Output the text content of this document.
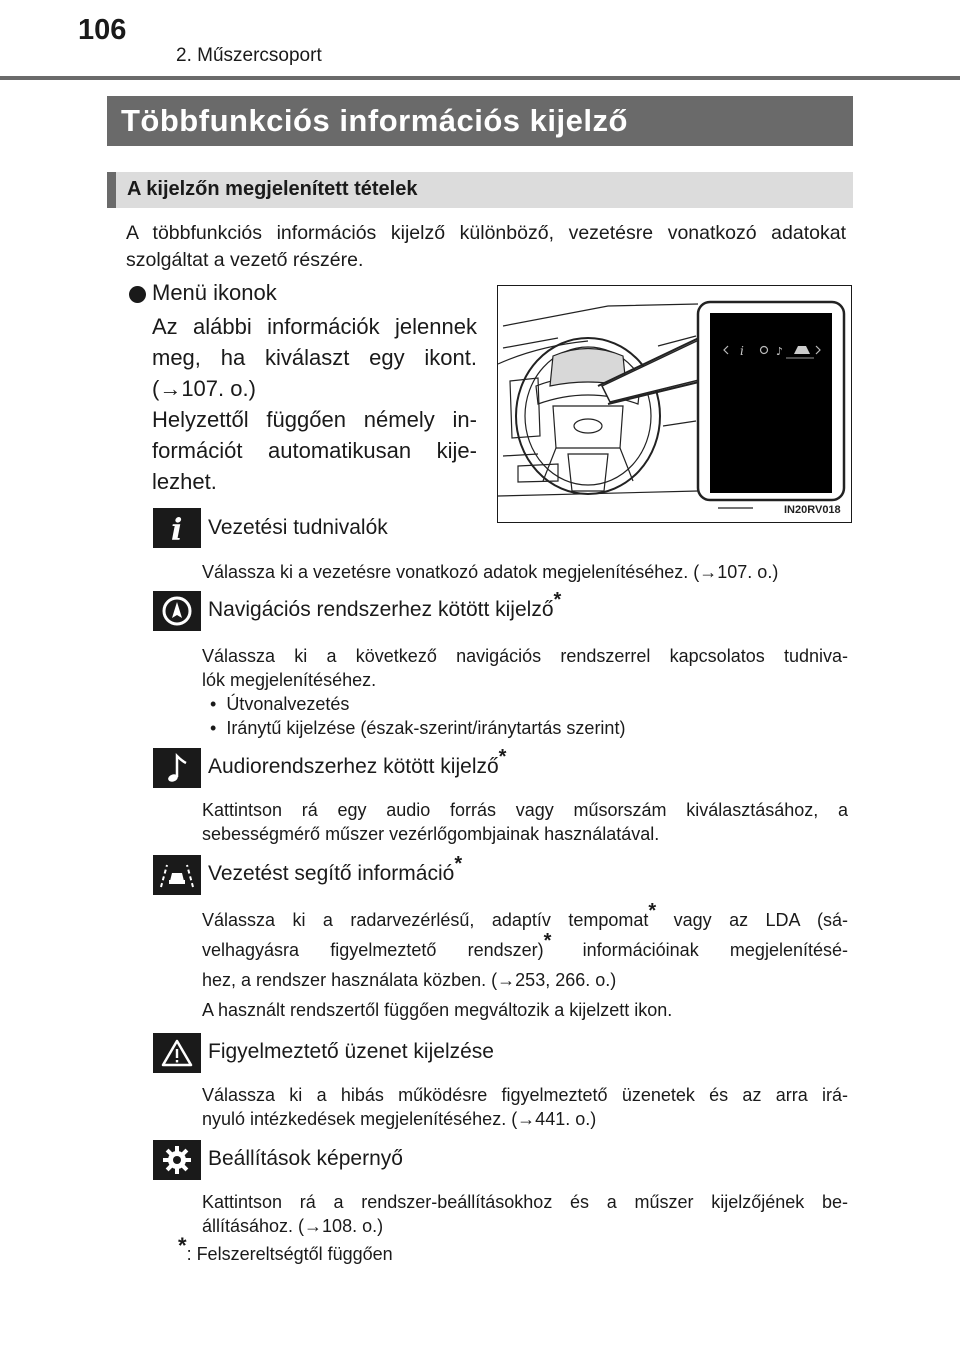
106
2. Műszercsoport
Többfunkciós információs kijelző
A kijelzőn megjelenített tételek
A többfunkciós információs kijelző különböző, vezetésre vonatkozó adatokat szolgáltat a vezető részére.
Menü ikonok
Az alábbi információk jelennek
meg, ha kiválaszt egy ikont.
(→107. o.)
Helyzettől függően némely in-
formációt automatikusan kije-
lezhet.
i	♪
IN20RV018
i Vezetési tudnivalók
Válassza ki a vezetésre vonatkozó adatok megjelenítéséhez. (→107. o.)
Navigációs rendszerhez kötött kijelző*
Válassza ki a következő navigációs rendszerrel kapcsolatos tudniva-
lók megjelenítéséhez.
•  Útvonalvezetés
•  Iránytű kijelzése (észak-szerint/iránytartás szerint)
Audiorendszerhez kötött kijelző*
Kattintson rá egy audio forrás vagy műsorszám kiválasztásához, a
sebességmérő műszer vezérlőgombjainak használatával.
Vezetést segítő információ*
Válassza ki a radarvezérlésű, adaptív tempomat* vagy az LDA (sá-
velhagyásra figyelmeztető rendszer)* információinak megjelenítésé-
hez, a rendszer használata közben. (→253, 266. o.)
A használt rendszertől függően megváltozik a kijelzett ikon.
Figyelmeztető üzenet kijelzése
Válassza ki a hibás működésre figyelmeztető üzenetek és az arra irá-
nyuló intézkedések megjelenítéséhez. (→441. o.)
Beállítások képernyő
Kattintson rá a rendszer-beállításokhoz és a műszer kijelzőjének be-
állításához. (→108. o.)
*: Felszereltségtől függően
